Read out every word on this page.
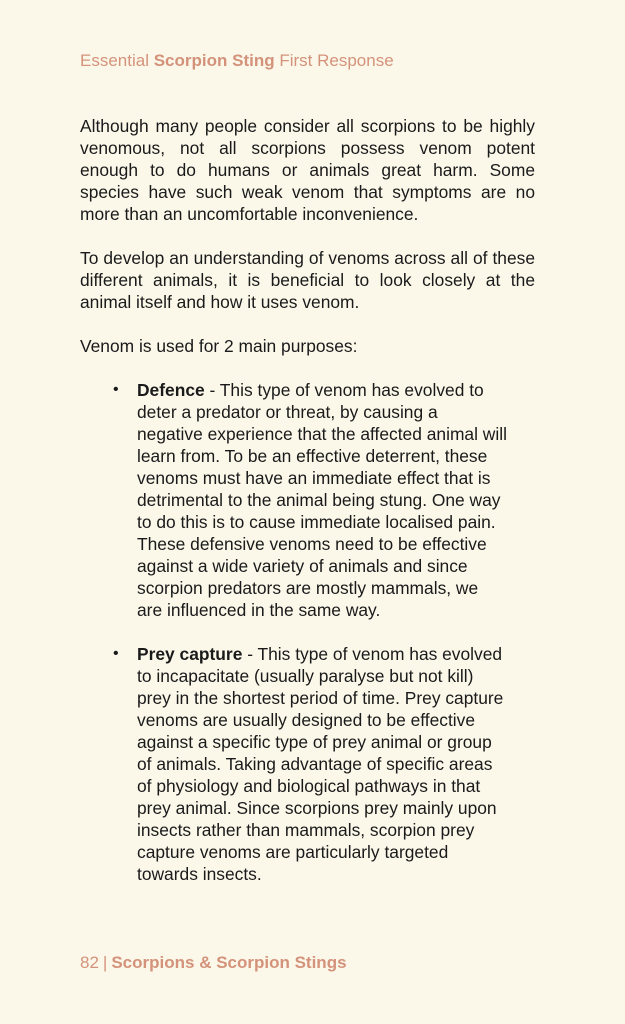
Essential Scorpion Sting First Response

Although many people consider all scorpions to be highly venomous, not all scorpions possess venom potent enough to do humans or animals great harm. Some species have such weak venom that symptoms are no more than an uncomfortable inconvenience.

To develop an understanding of venoms across all of these different animals, it is beneficial to look closely at the animal itself and how it uses venom.

Venom is used for 2 main purposes:

• Defence - This type of venom has evolved to deter a predator or threat, by causing a negative experience that the affected animal will learn from. To be an effective deterrent, these venoms must have an immediate effect that is detrimental to the animal being stung. One way to do this is to cause immediate localised pain. These defensive venoms need to be effective against a wide variety of animals and since scorpion predators are mostly mammals, we are influenced in the same way.
• Prey capture - This type of venom has evolved to incapacitate (usually paralyse but not kill) prey in the shortest period of time. Prey capture venoms are usually designed to be effective against a specific type of prey animal or group of animals. Taking advantage of specific areas of physiology and biological pathways in that prey animal. Since scorpions prey mainly upon insects rather than mammals, scorpion prey capture venoms are particularly targeted towards insects.
82 | Scorpions & Scorpion Stings
